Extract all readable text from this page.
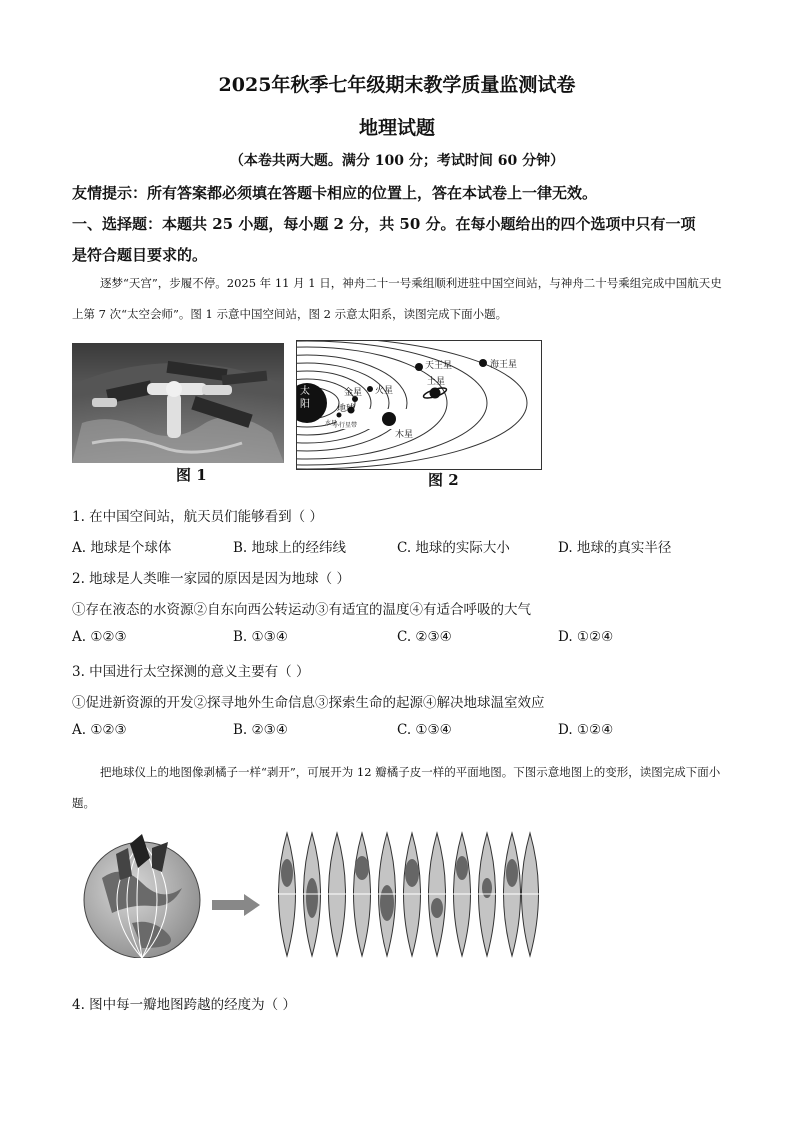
2025年秋季七年级期末教学质量监测试卷
地理试题
（本卷共两大题。满分 100 分；考试时间 60 分钟）
友情提示：所有答案都必须填在答题卡相应的位置上，答在本试卷上一律无效。
一、选择题：本题共 25 小题，每小题 2 分，共 50 分。在每小题给出的四个选项中只有一项
是符合题目要求的。
逐梦“天宫”，步履不停。2025 年 11 月 1 日，神舟二十一号乘组顺利进驻中国空间站，与神舟二十号乘组完成中国航天史上第 7 次“太空会师”。图 1 示意中国空间站，图 2 示意太阳系，读图完成下面小题。
图 1
太
阳
水星
金星
地球
火星
木星
土星
天王星	海王星
小行星带
图 2
1. 在中国空间站，航天员们能够看到（ ）
A. 地球是个球体	B. 地球上的经纬线	C. 地球的实际大小	D. 地球的真实半径
2. 地球是人类唯一家园的原因是因为地球（ ）
①存在液态的水资源②自东向西公转运动③有适宜的温度④有适合呼吸的大气
A. ①②③	B. ①③④	C. ②③④	D. ①②④
3. 中国进行太空探测的意义主要有（ ）
①促进新资源的开发②探寻地外生命信息③探索生命的起源④解决地球温室效应
A. ①②③	B. ②③④	C. ①③④	D. ①②④
把地球仪上的地图像剥橘子一样“剥开”，可展开为 12 瓣橘子皮一样的平面地图。下图示意地图上的变形，读图完成下面小题。
4. 图中每一瓣地图跨越的经度为（ ）
